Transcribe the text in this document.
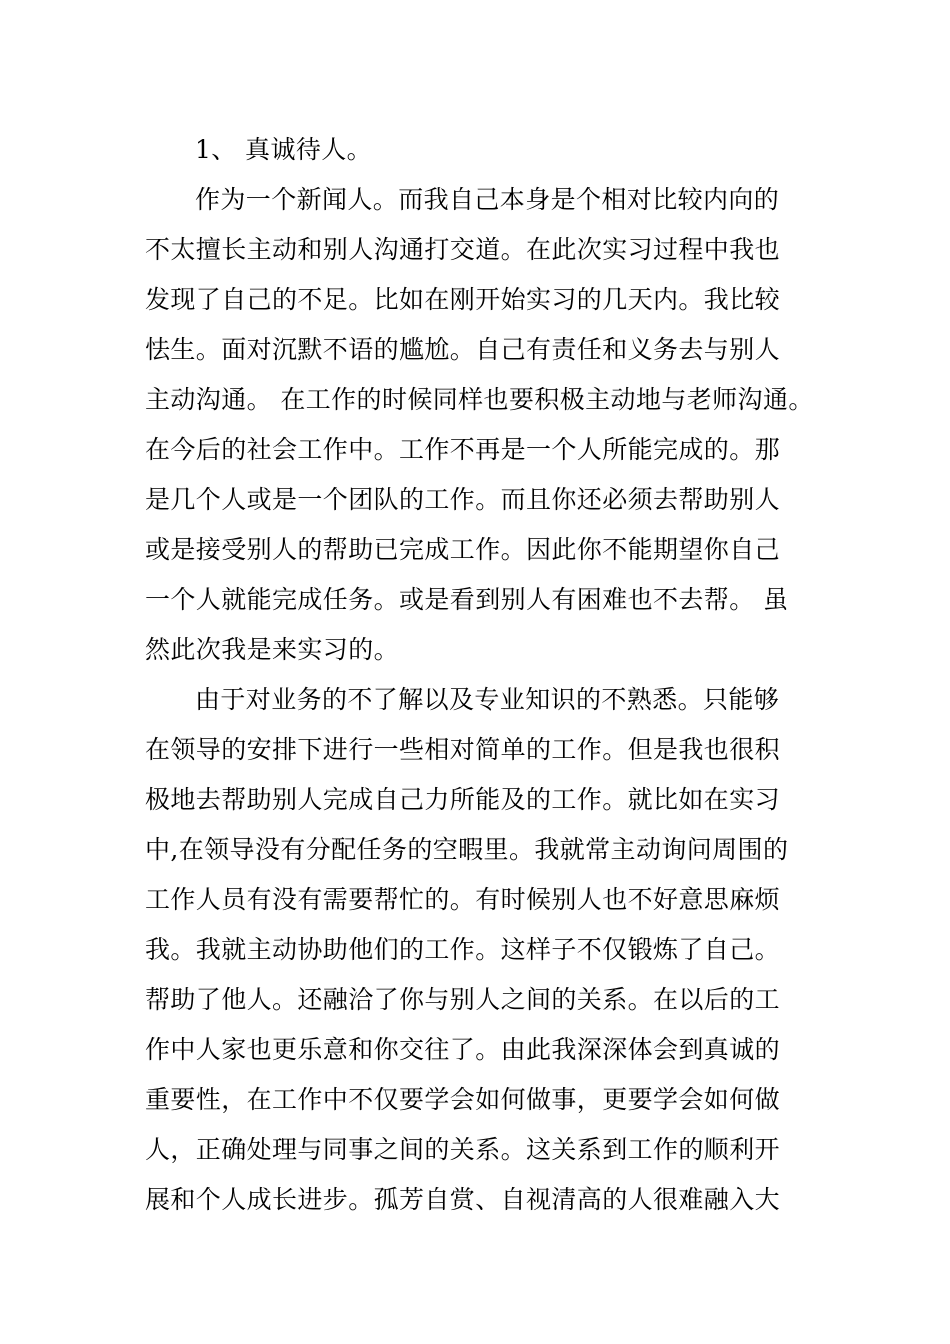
1、 真诚待人。
作为一个新闻人。而我自己本身是个相对比较内向的
不太擅长主动和别人沟通打交道。在此次实习过程中我也
发现了自己的不足。比如在刚开始实习的几天内。我比较
怯生。面对沉默不语的尴尬。自己有责任和义务去与别人
主动沟通。 在工作的时候同样也要积极主动地与老师沟通。
在今后的社会工作中。工作不再是一个人所能完成的。那
是几个人或是一个团队的工作。而且你还必须去帮助别人
或是接受别人的帮助已完成工作。因此你不能期望你自己
一个人就能完成任务。或是看到别人有困难也不去帮。 虽
然此次我是来实习的。
由于对业务的不了解以及专业知识的不熟悉。只能够
在领导的安排下进行一些相对简单的工作。但是我也很积
极地去帮助别人完成自己力所能及的工作。就比如在实习
中,在领导没有分配任务的空暇里。我就常主动询问周围的
工作人员有没有需要帮忙的。有时候别人也不好意思麻烦
我。我就主动协助他们的工作。这样子不仅锻炼了自己。
帮助了他人。还融洽了你与别人之间的关系。在以后的工
作中人家也更乐意和你交往了。由此我深深体会到真诚的
重要性，在工作中不仅要学会如何做事，更要学会如何做
人，正确处理与同事之间的关系。这关系到工作的顺利开
展和个人成长进步。孤芳自赏、自视清高的人很难融入大
